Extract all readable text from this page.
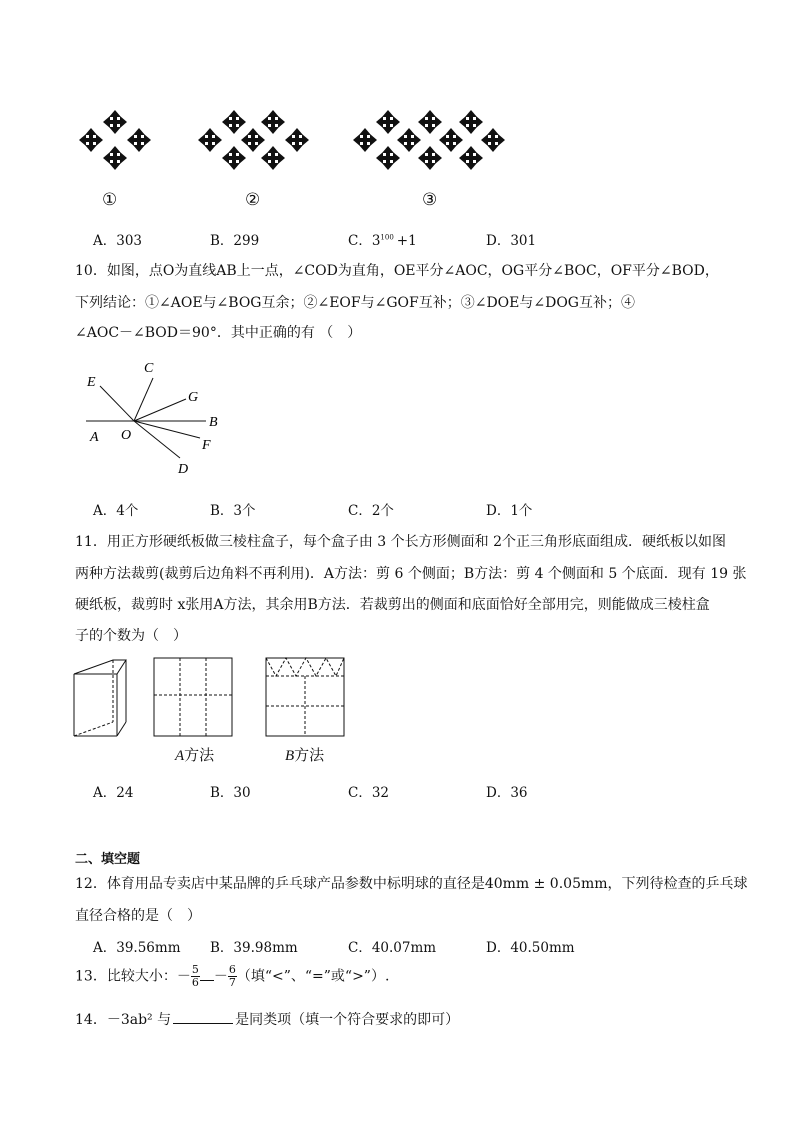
①	②	③
A．303	B．299	C．$3^{100} +1$	D．301
10．如图，点O为直线AB上一点，∠COD为直角，OE平分∠AOC，OG平分∠BOC，OF平分∠BOD，
下列结论：①∠AOE与∠BOG互余；②∠EOF与∠GOF互补；③∠DOE与∠DOG互补；④
∠AOC－∠BOD＝90°．其中正确的有 （　）
C
E
G
B
A O
F
D
A．4个	B．3个	C．2个	D．1个
11．用正方形硬纸板做三棱柱盒子，每个盒子由 3 个长方形侧面和 2个正三角形底面组成．硬纸板以如图
两种方法裁剪(裁剪后边角料不再利用)．A方法：剪 6 个侧面；B方法：剪 4 个侧面和 5 个底面．现有 19 张
硬纸板，裁剪时 x张用A方法，其余用B方法．若裁剪出的侧面和底面恰好全部用完，则能做成三棱柱盒
子的个数为（　）
A方法	B方法
A．24	B．30	C．32	D．36
二、填空题
12．体育用品专卖店中某品牌的乒乓球产品参数中标明球的直径是40mm ± 0.05mm，下列待检查的乒乓球
直径合格的是（　）
A．39.56mm B．39.98mm	C．40.07mm	D．40.50mm
13．比较大小：－ $\frac{5}{6} - \frac{6}{7}$ （填“<”、“=”或“>”）.
14．－3ab² 与	是同类项（填一个符合要求的即可）
